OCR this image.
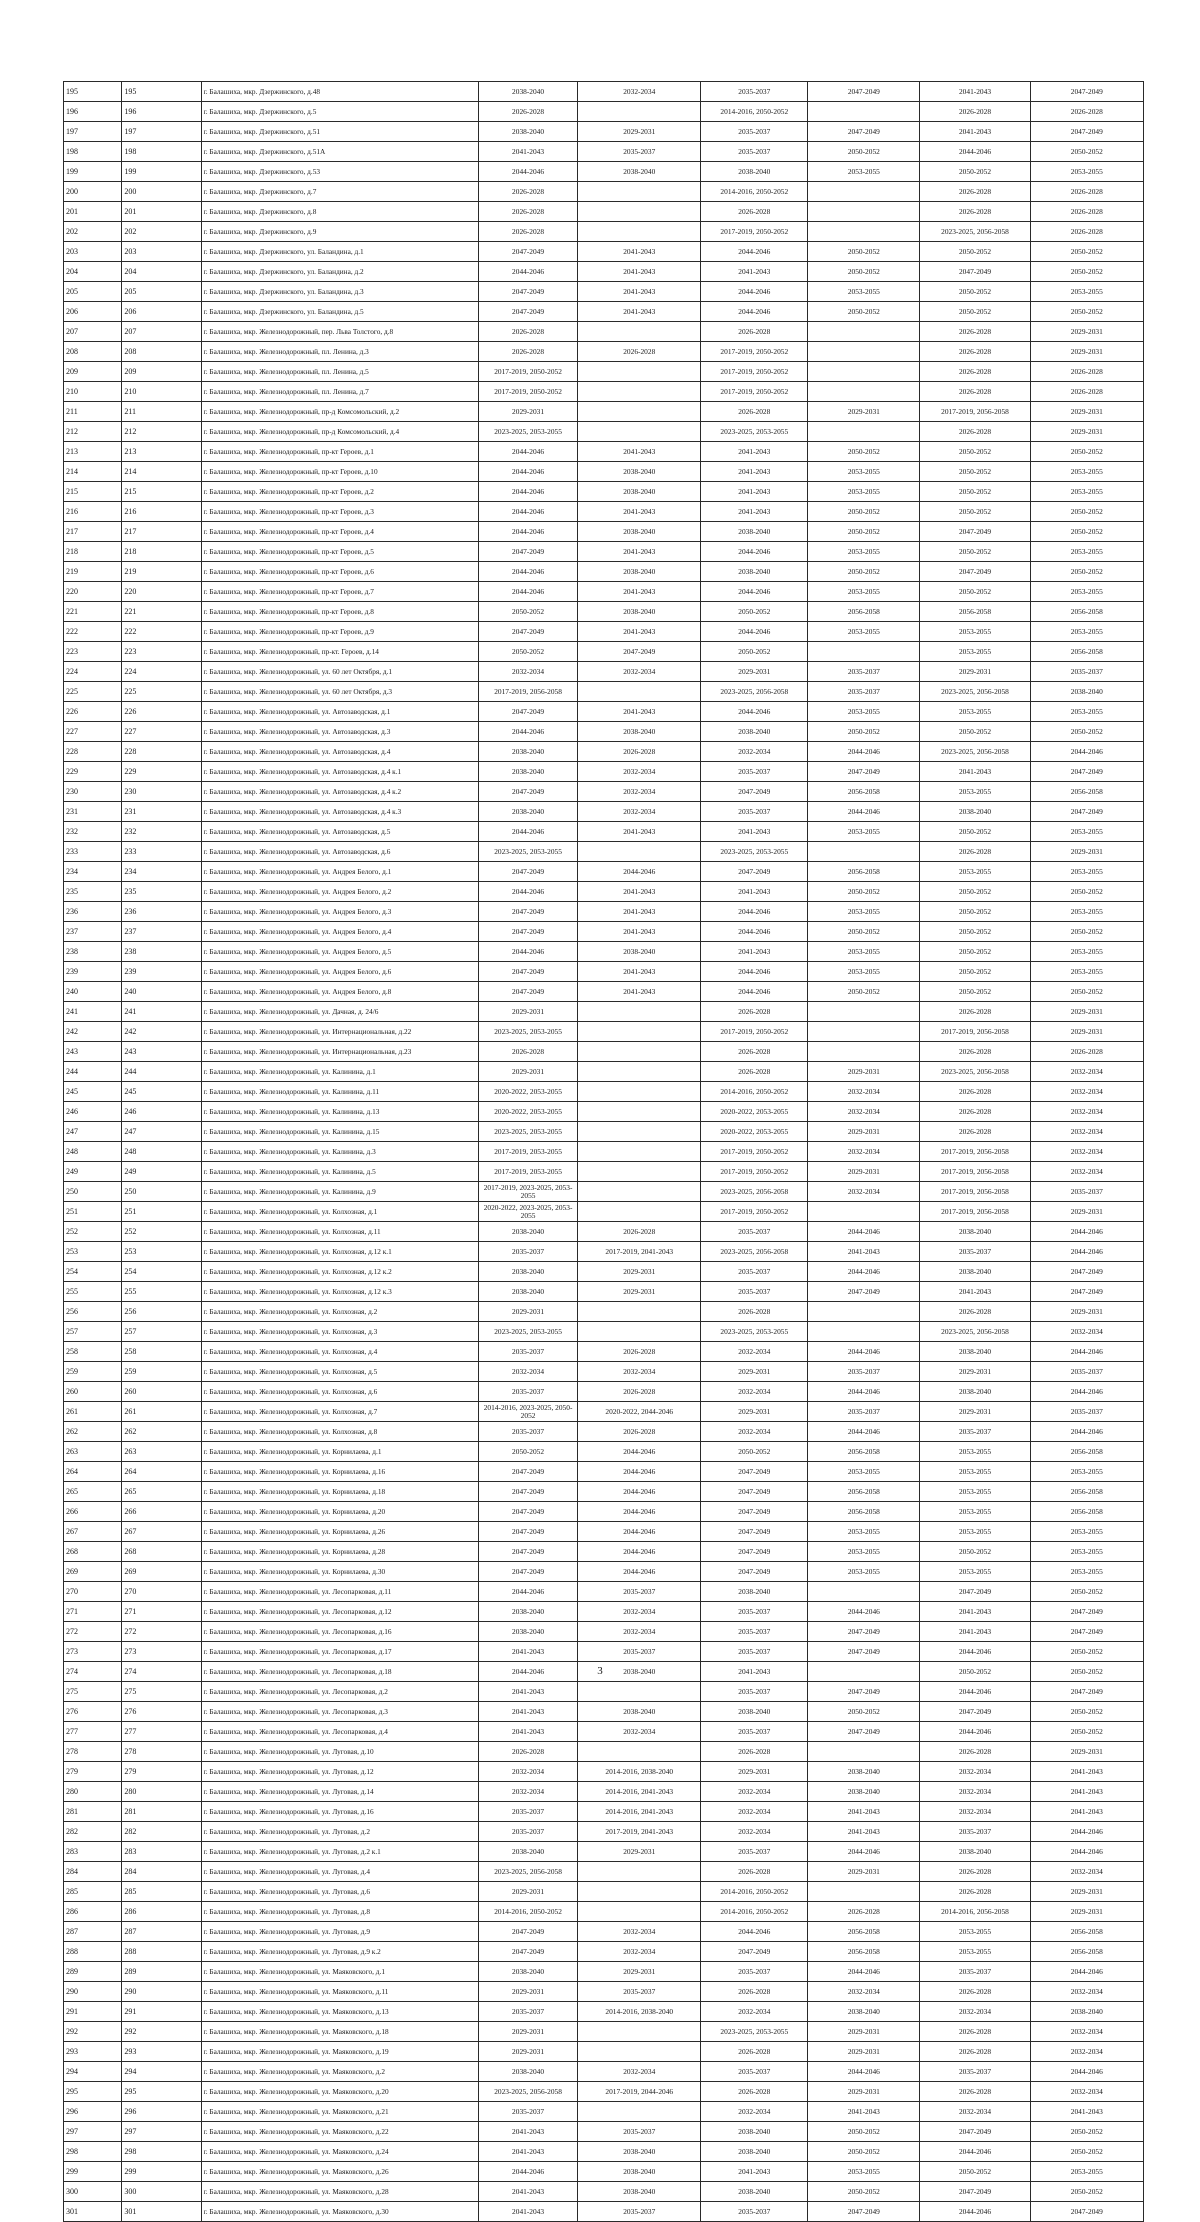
195	195	г. Балашиха, мкр. Дзержинского, д.48	2038-2040	2032-2034	2035-2037	2047-2049	2041-2043	2047-2049
196	196	г. Балашиха, мкр. Дзержинского, д.5	2026-2028		2014-2016, 2050-2052		2026-2028	2026-2028
197	197	г. Балашиха, мкр. Дзержинского, д.51	2038-2040	2029-2031	2035-2037	2047-2049	2041-2043	2047-2049
198	198	г. Балашиха, мкр. Дзержинского, д.51А	2041-2043	2035-2037	2035-2037	2050-2052	2044-2046	2050-2052
199	199	г. Балашиха, мкр. Дзержинского, д.53	2044-2046	2038-2040	2038-2040	2053-2055	2050-2052	2053-2055
200	200	г. Балашиха, мкр. Дзержинского, д.7	2026-2028		2014-2016, 2050-2052		2026-2028	2026-2028
201	201	г. Балашиха, мкр. Дзержинского, д.8	2026-2028		2026-2028		2026-2028	2026-2028
202	202	г. Балашиха, мкр. Дзержинского, д.9	2026-2028		2017-2019, 2050-2052		2023-2025, 2056-2058	2026-2028
203	203	г. Балашиха, мкр. Дзержинского, ул. Баландина, д.1	2047-2049	2041-2043	2044-2046	2050-2052	2050-2052	2050-2052
204	204	г. Балашиха, мкр. Дзержинского, ул. Баландина, д.2	2044-2046	2041-2043	2041-2043	2050-2052	2047-2049	2050-2052
205	205	г. Балашиха, мкр. Дзержинского, ул. Баландина, д.3	2047-2049	2041-2043	2044-2046	2053-2055	2050-2052	2053-2055
206	206	г. Балашиха, мкр. Дзержинского, ул. Баландина, д.5	2047-2049	2041-2043	2044-2046	2050-2052	2050-2052	2050-2052
207	207	г. Балашиха, мкр. Железнодорожный, пер. Льва Толстого, д.8	2026-2028		2026-2028		2026-2028	2029-2031
208	208	г. Балашиха, мкр. Железнодорожный, пл. Ленина, д.3	2026-2028	2026-2028	2017-2019, 2050-2052		2026-2028	2029-2031
209	209	г. Балашиха, мкр. Железнодорожный, пл. Ленина, д.5	2017-2019, 2050-2052		2017-2019, 2050-2052		2026-2028	2026-2028
210	210	г. Балашиха, мкр. Железнодорожный, пл. Ленина, д.7	2017-2019, 2050-2052		2017-2019, 2050-2052		2026-2028	2026-2028
211	211	г. Балашиха, мкр. Железнодорожный, пр-д Комсомольский, д.2	2029-2031		2026-2028	2029-2031	2017-2019, 2056-2058	2029-2031
212	212	г. Балашиха, мкр. Железнодорожный, пр-д Комсомольский, д.4	2023-2025, 2053-2055		2023-2025, 2053-2055		2026-2028	2029-2031
213	213	г. Балашиха, мкр. Железнодорожный, пр-кт Героев, д.1	2044-2046	2041-2043	2041-2043	2050-2052	2050-2052	2050-2052
214	214	г. Балашиха, мкр. Железнодорожный, пр-кт Героев, д.10	2044-2046	2038-2040	2041-2043	2053-2055	2050-2052	2053-2055
215	215	г. Балашиха, мкр. Железнодорожный, пр-кт Героев, д.2	2044-2046	2038-2040	2041-2043	2053-2055	2050-2052	2053-2055
216	216	г. Балашиха, мкр. Железнодорожный, пр-кт Героев, д.3	2044-2046	2041-2043	2041-2043	2050-2052	2050-2052	2050-2052
217	217	г. Балашиха, мкр. Железнодорожный, пр-кт Героев, д.4	2044-2046	2038-2040	2038-2040	2050-2052	2047-2049	2050-2052
218	218	г. Балашиха, мкр. Железнодорожный, пр-кт Героев, д.5	2047-2049	2041-2043	2044-2046	2053-2055	2050-2052	2053-2055
219	219	г. Балашиха, мкр. Железнодорожный, пр-кт Героев, д.6	2044-2046	2038-2040	2038-2040	2050-2052	2047-2049	2050-2052
220	220	г. Балашиха, мкр. Железнодорожный, пр-кт Героев, д.7	2044-2046	2041-2043	2044-2046	2053-2055	2050-2052	2053-2055
221	221	г. Балашиха, мкр. Железнодорожный, пр-кт Героев, д.8	2050-2052	2038-2040	2050-2052	2056-2058	2056-2058	2056-2058
222	222	г. Балашиха, мкр. Железнодорожный, пр-кт Героев, д.9	2047-2049	2041-2043	2044-2046	2053-2055	2053-2055	2053-2055
223	223	г. Балашиха, мкр. Железнодорожный, пр-кт. Героев, д.14	2050-2052	2047-2049	2050-2052		2053-2055	2056-2058
224	224	г. Балашиха, мкр. Железнодорожный, ул. 60 лет Октября, д.1	2032-2034	2032-2034	2029-2031	2035-2037	2029-2031	2035-2037
225	225	г. Балашиха, мкр. Железнодорожный, ул. 60 лет Октября, д.3	2017-2019, 2056-2058		2023-2025, 2056-2058	2035-2037	2023-2025, 2056-2058	2038-2040
226	226	г. Балашиха, мкр. Железнодорожный, ул. Автозаводская, д.1	2047-2049	2041-2043	2044-2046	2053-2055	2053-2055	2053-2055
227	227	г. Балашиха, мкр. Железнодорожный, ул. Автозаводская, д.3	2044-2046	2038-2040	2038-2040	2050-2052	2050-2052	2050-2052
228	228	г. Балашиха, мкр. Железнодорожный, ул. Автозаводская, д.4	2038-2040	2026-2028	2032-2034	2044-2046	2023-2025, 2056-2058	2044-2046
229	229	г. Балашиха, мкр. Железнодорожный, ул. Автозаводская, д.4 к.1	2038-2040	2032-2034	2035-2037	2047-2049	2041-2043	2047-2049
230	230	г. Балашиха, мкр. Железнодорожный, ул. Автозаводская, д.4 к.2	2047-2049	2032-2034	2047-2049	2056-2058	2053-2055	2056-2058
231	231	г. Балашиха, мкр. Железнодорожный, ул. Автозаводская, д.4 к.3	2038-2040	2032-2034	2035-2037	2044-2046	2038-2040	2047-2049
232	232	г. Балашиха, мкр. Железнодорожный, ул. Автозаводская, д.5	2044-2046	2041-2043	2041-2043	2053-2055	2050-2052	2053-2055
233	233	г. Балашиха, мкр. Железнодорожный, ул. Автозаводская, д.6	2023-2025, 2053-2055		2023-2025, 2053-2055		2026-2028	2029-2031
234	234	г. Балашиха, мкр. Железнодорожный, ул. Андрея Белого, д.1	2047-2049	2044-2046	2047-2049	2056-2058	2053-2055	2053-2055
235	235	г. Балашиха, мкр. Железнодорожный, ул. Андрея Белого, д.2	2044-2046	2041-2043	2041-2043	2050-2052	2050-2052	2050-2052
236	236	г. Балашиха, мкр. Железнодорожный, ул. Андрея Белого, д.3	2047-2049	2041-2043	2044-2046	2053-2055	2050-2052	2053-2055
237	237	г. Балашиха, мкр. Железнодорожный, ул. Андрея Белого, д.4	2047-2049	2041-2043	2044-2046	2050-2052	2050-2052	2050-2052
238	238	г. Балашиха, мкр. Железнодорожный, ул. Андрея Белого, д.5	2044-2046	2038-2040	2041-2043	2053-2055	2050-2052	2053-2055
239	239	г. Балашиха, мкр. Железнодорожный, ул. Андрея Белого, д.6	2047-2049	2041-2043	2044-2046	2053-2055	2050-2052	2053-2055
240	240	г. Балашиха, мкр. Железнодорожный, ул. Андрея Белого, д.8	2047-2049	2041-2043	2044-2046	2050-2052	2050-2052	2050-2052
241	241	г. Балашиха, мкр. Железнодорожный, ул. Дачная, д. 24/6	2029-2031		2026-2028		2026-2028	2029-2031
242	242	г. Балашиха, мкр. Железнодорожный, ул. Интернациональная, д.22	2023-2025, 2053-2055		2017-2019, 2050-2052		2017-2019, 2056-2058	2029-2031
243	243	г. Балашиха, мкр. Железнодорожный, ул. Интернациональная, д.23	2026-2028		2026-2028		2026-2028	2026-2028
244	244	г. Балашиха, мкр. Железнодорожный, ул. Калинина, д.1	2029-2031		2026-2028	2029-2031	2023-2025, 2056-2058	2032-2034
245	245	г. Балашиха, мкр. Железнодорожный, ул. Калинина, д.11	2020-2022, 2053-2055		2014-2016, 2050-2052	2032-2034	2026-2028	2032-2034
246	246	г. Балашиха, мкр. Железнодорожный, ул. Калинина, д.13	2020-2022, 2053-2055		2020-2022, 2053-2055	2032-2034	2026-2028	2032-2034
247	247	г. Балашиха, мкр. Железнодорожный, ул. Калинина, д.15	2023-2025, 2053-2055		2020-2022, 2053-2055	2029-2031	2026-2028	2032-2034
248	248	г. Балашиха, мкр. Железнодорожный, ул. Калинина, д.3	2017-2019, 2053-2055		2017-2019, 2050-2052	2032-2034	2017-2019, 2056-2058	2032-2034
249	249	г. Балашиха, мкр. Железнодорожный, ул. Калинина, д.5	2017-2019, 2053-2055		2017-2019, 2050-2052	2029-2031	2017-2019, 2056-2058	2032-2034
250	250	г. Балашиха, мкр. Железнодорожный, ул. Калинина, д.9	2017-2019, 2023-2025, 2053-2055		2023-2025, 2056-2058	2032-2034	2017-2019, 2056-2058	2035-2037
251	251	г. Балашиха, мкр. Железнодорожный, ул. Колхозная, д.1	2020-2022, 2023-2025, 2053-2055		2017-2019, 2050-2052		2017-2019, 2056-2058	2029-2031
252	252	г. Балашиха, мкр. Железнодорожный, ул. Колхозная, д.11	2038-2040	2026-2028	2035-2037	2044-2046	2038-2040	2044-2046
253	253	г. Балашиха, мкр. Железнодорожный, ул. Колхозная, д.12 к.1	2035-2037	2017-2019, 2041-2043	2023-2025, 2056-2058	2041-2043	2035-2037	2044-2046
254	254	г. Балашиха, мкр. Железнодорожный, ул. Колхозная, д.12 к.2	2038-2040	2029-2031	2035-2037	2044-2046	2038-2040	2047-2049
255	255	г. Балашиха, мкр. Железнодорожный, ул. Колхозная, д.12 к.3	2038-2040	2029-2031	2035-2037	2047-2049	2041-2043	2047-2049
256	256	г. Балашиха, мкр. Железнодорожный, ул. Колхозная, д.2	2029-2031		2026-2028		2026-2028	2029-2031
257	257	г. Балашиха, мкр. Железнодорожный, ул. Колхозная, д.3	2023-2025, 2053-2055		2023-2025, 2053-2055		2023-2025, 2056-2058	2032-2034
258	258	г. Балашиха, мкр. Железнодорожный, ул. Колхозная, д.4	2035-2037	2026-2028	2032-2034	2044-2046	2038-2040	2044-2046
259	259	г. Балашиха, мкр. Железнодорожный, ул. Колхозная, д.5	2032-2034	2032-2034	2029-2031	2035-2037	2029-2031	2035-2037
260	260	г. Балашиха, мкр. Железнодорожный, ул. Колхозная, д.6	2035-2037	2026-2028	2032-2034	2044-2046	2038-2040	2044-2046
261	261	г. Балашиха, мкр. Железнодорожный, ул. Колхозная, д.7	2014-2016, 2023-2025, 2050-2052	2020-2022, 2044-2046	2029-2031	2035-2037	2029-2031	2035-2037
262	262	г. Балашиха, мкр. Железнодорожный, ул. Колхозная, д.8	2035-2037	2026-2028	2032-2034	2044-2046	2035-2037	2044-2046
263	263	г. Балашиха, мкр. Железнодорожный, ул. Корнилаева, д.1	2050-2052	2044-2046	2050-2052	2056-2058	2053-2055	2056-2058
264	264	г. Балашиха, мкр. Железнодорожный, ул. Корнилаева, д.16	2047-2049	2044-2046	2047-2049	2053-2055	2053-2055	2053-2055
265	265	г. Балашиха, мкр. Железнодорожный, ул. Корнилаева, д.18	2047-2049	2044-2046	2047-2049	2056-2058	2053-2055	2056-2058
266	266	г. Балашиха, мкр. Железнодорожный, ул. Корнилаева, д.20	2047-2049	2044-2046	2047-2049	2056-2058	2053-2055	2056-2058
267	267	г. Балашиха, мкр. Железнодорожный, ул. Корнилаева, д.26	2047-2049	2044-2046	2047-2049	2053-2055	2053-2055	2053-2055
268	268	г. Балашиха, мкр. Железнодорожный, ул. Корнилаева, д.28	2047-2049	2044-2046	2047-2049	2053-2055	2050-2052	2053-2055
269	269	г. Балашиха, мкр. Железнодорожный, ул. Корнилаева, д.30	2047-2049	2044-2046	2047-2049	2053-2055	2053-2055	2053-2055
270	270	г. Балашиха, мкр. Железнодорожный, ул. Лесопарковая, д.11	2044-2046	2035-2037	2038-2040		2047-2049	2050-2052
271	271	г. Балашиха, мкр. Железнодорожный, ул. Лесопарковая, д.12	2038-2040	2032-2034	2035-2037	2044-2046	2041-2043	2047-2049
272	272	г. Балашиха, мкр. Железнодорожный, ул. Лесопарковая, д.16	2038-2040	2032-2034	2035-2037	2047-2049	2041-2043	2047-2049
273	273	г. Балашиха, мкр. Железнодорожный, ул. Лесопарковая, д.17	2041-2043	2035-2037	2035-2037	2047-2049	2044-2046	2050-2052
274	274	г. Балашиха, мкр. Железнодорожный, ул. Лесопарковая, д.18	2044-2046	2038-2040	2041-2043		2050-2052	2050-2052
275	275	г. Балашиха, мкр. Железнодорожный, ул. Лесопарковая, д.2	2041-2043		2035-2037	2047-2049	2044-2046	2047-2049
276	276	г. Балашиха, мкр. Железнодорожный, ул. Лесопарковая, д.3	2041-2043	2038-2040	2038-2040	2050-2052	2047-2049	2050-2052
277	277	г. Балашиха, мкр. Железнодорожный, ул. Лесопарковая, д.4	2041-2043	2032-2034	2035-2037	2047-2049	2044-2046	2050-2052
278	278	г. Балашиха, мкр. Железнодорожный, ул. Луговая, д.10	2026-2028		2026-2028		2026-2028	2029-2031
279	279	г. Балашиха, мкр. Железнодорожный, ул. Луговая, д.12	2032-2034	2014-2016, 2038-2040	2029-2031	2038-2040	2032-2034	2041-2043
280	280	г. Балашиха, мкр. Железнодорожный, ул. Луговая, д.14	2032-2034	2014-2016, 2041-2043	2032-2034	2038-2040	2032-2034	2041-2043
281	281	г. Балашиха, мкр. Железнодорожный, ул. Луговая, д.16	2035-2037	2014-2016, 2041-2043	2032-2034	2041-2043	2032-2034	2041-2043
282	282	г. Балашиха, мкр. Железнодорожный, ул. Луговая, д.2	2035-2037	2017-2019, 2041-2043	2032-2034	2041-2043	2035-2037	2044-2046
283	283	г. Балашиха, мкр. Железнодорожный, ул. Луговая, д.2 к.1	2038-2040	2029-2031	2035-2037	2044-2046	2038-2040	2044-2046
284	284	г. Балашиха, мкр. Железнодорожный, ул. Луговая, д.4	2023-2025, 2056-2058		2026-2028	2029-2031	2026-2028	2032-2034
285	285	г. Балашиха, мкр. Железнодорожный, ул. Луговая, д.6	2029-2031		2014-2016, 2050-2052		2026-2028	2029-2031
286	286	г. Балашиха, мкр. Железнодорожный, ул. Луговая, д.8	2014-2016, 2050-2052		2014-2016, 2050-2052	2026-2028	2014-2016, 2056-2058	2029-2031
287	287	г. Балашиха, мкр. Железнодорожный, ул. Луговая, д.9	2047-2049	2032-2034	2044-2046	2056-2058	2053-2055	2056-2058
288	288	г. Балашиха, мкр. Железнодорожный, ул. Луговая, д.9 к.2	2047-2049	2032-2034	2047-2049	2056-2058	2053-2055	2056-2058
289	289	г. Балашиха, мкр. Железнодорожный, ул. Маяковского, д.1	2038-2040	2029-2031	2035-2037	2044-2046	2035-2037	2044-2046
290	290	г. Балашиха, мкр. Железнодорожный, ул. Маяковского, д.11	2029-2031	2035-2037	2026-2028	2032-2034	2026-2028	2032-2034
291	291	г. Балашиха, мкр. Железнодорожный, ул. Маяковского, д.13	2035-2037	2014-2016, 2038-2040	2032-2034	2038-2040	2032-2034	2038-2040
292	292	г. Балашиха, мкр. Железнодорожный, ул. Маяковского, д.18	2029-2031		2023-2025, 2053-2055	2029-2031	2026-2028	2032-2034
293	293	г. Балашиха, мкр. Железнодорожный, ул. Маяковского, д.19	2029-2031		2026-2028	2029-2031	2026-2028	2032-2034
294	294	г. Балашиха, мкр. Железнодорожный, ул. Маяковского, д.2	2038-2040	2032-2034	2035-2037	2044-2046	2035-2037	2044-2046
295	295	г. Балашиха, мкр. Железнодорожный, ул. Маяковского, д.20	2023-2025, 2056-2058	2017-2019, 2044-2046	2026-2028	2029-2031	2026-2028	2032-2034
296	296	г. Балашиха, мкр. Железнодорожный, ул. Маяковского, д.21	2035-2037		2032-2034	2041-2043	2032-2034	2041-2043
297	297	г. Балашиха, мкр. Железнодорожный, ул. Маяковского, д.22	2041-2043	2035-2037	2038-2040	2050-2052	2047-2049	2050-2052
298	298	г. Балашиха, мкр. Железнодорожный, ул. Маяковского, д.24	2041-2043	2038-2040	2038-2040	2050-2052	2044-2046	2050-2052
299	299	г. Балашиха, мкр. Железнодорожный, ул. Маяковского, д.26	2044-2046	2038-2040	2041-2043	2053-2055	2050-2052	2053-2055
300	300	г. Балашиха, мкр. Железнодорожный, ул. Маяковского, д.28	2041-2043	2038-2040	2038-2040	2050-2052	2047-2049	2050-2052
301	301	г. Балашиха, мкр. Железнодорожный, ул. Маяковского, д.30	2041-2043	2035-2037	2035-2037	2047-2049	2044-2046	2047-2049
3
